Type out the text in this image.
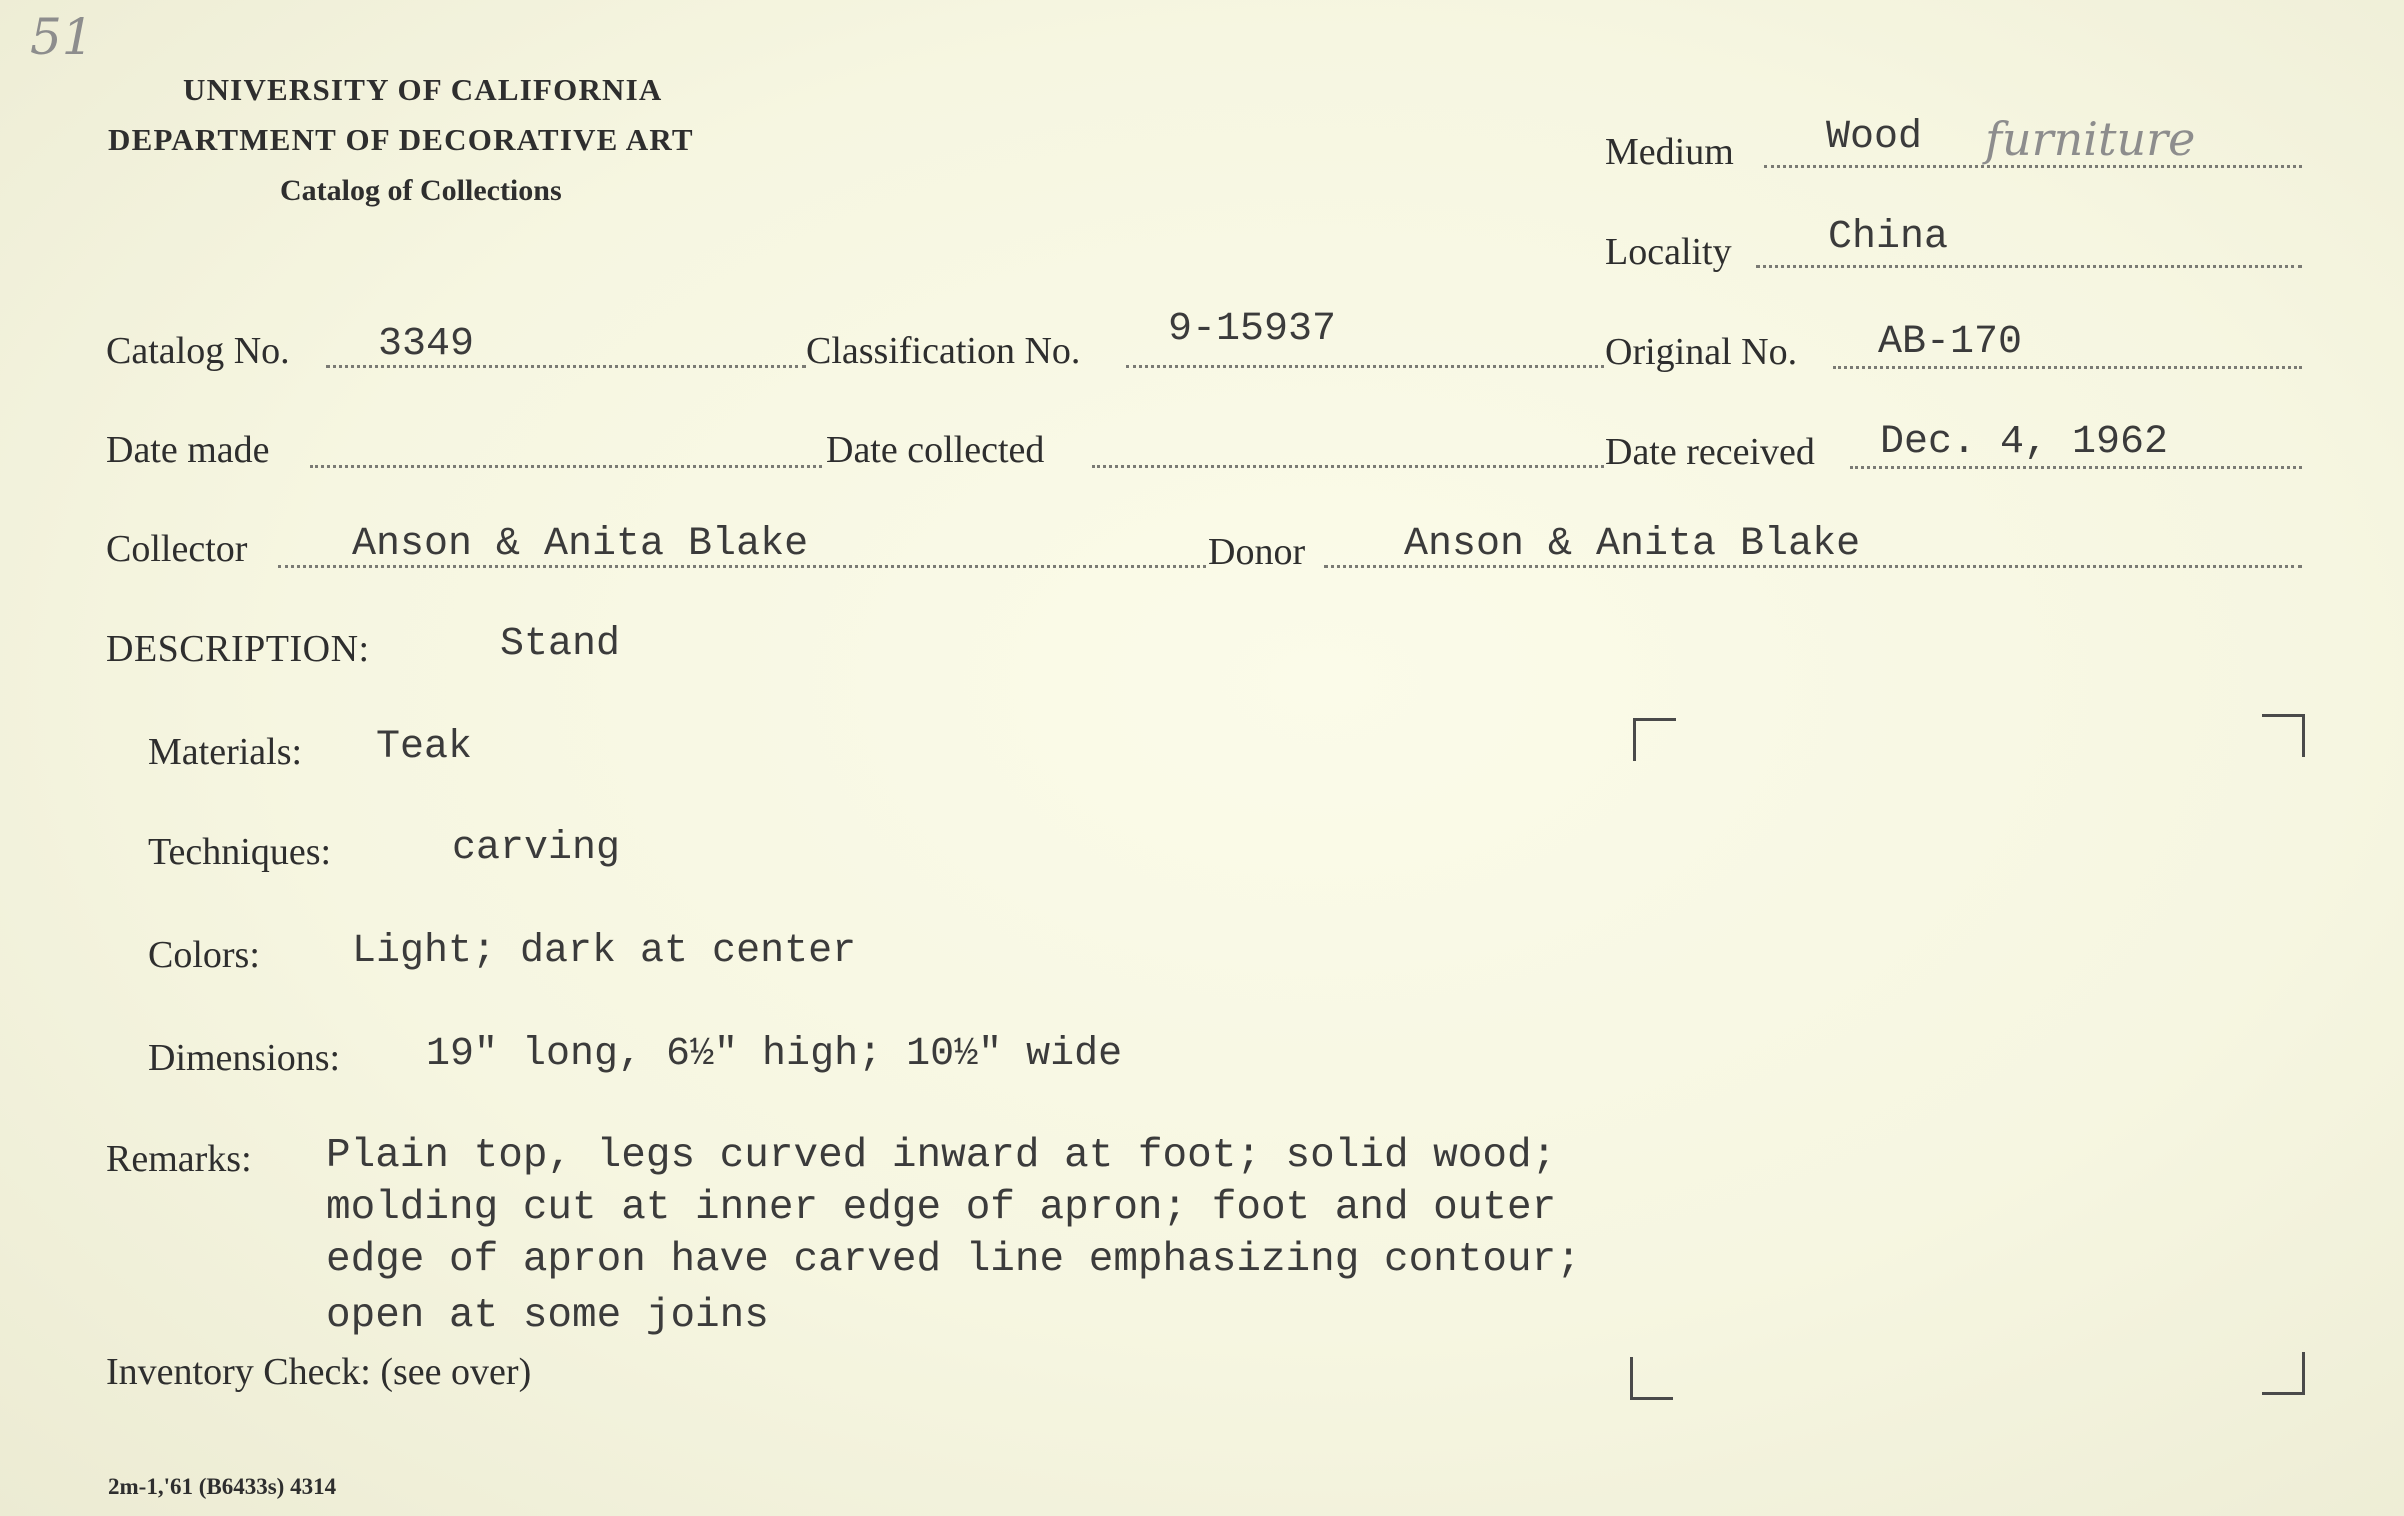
51
UNIVERSITY OF CALIFORNIA
DEPARTMENT OF DECORATIVE ART
Catalog of Collections
Medium Wood furniture
Locality China
Catalog No. 3349	Classification No. 9-15937	Original No. AB-170
Date made	Date collected	Date received Dec. 4, 1962
Collector	Anson & Anita Blake	Donor Anson & Anita Blake
DESCRIPTION:	Stand
Materials: Teak
Techniques:	carving
Colors: Light; dark at center
Dimensions: 19" long, 6½" high; 10½" wide
Remarks: Plain top, legs curved inward at foot; solid wood;
molding cut at inner edge of apron; foot and outer
edge of apron have carved line emphasizing contour;
open at some joins
Inventory Check: (see over)
2m-1,'61 (B6433s) 4314
